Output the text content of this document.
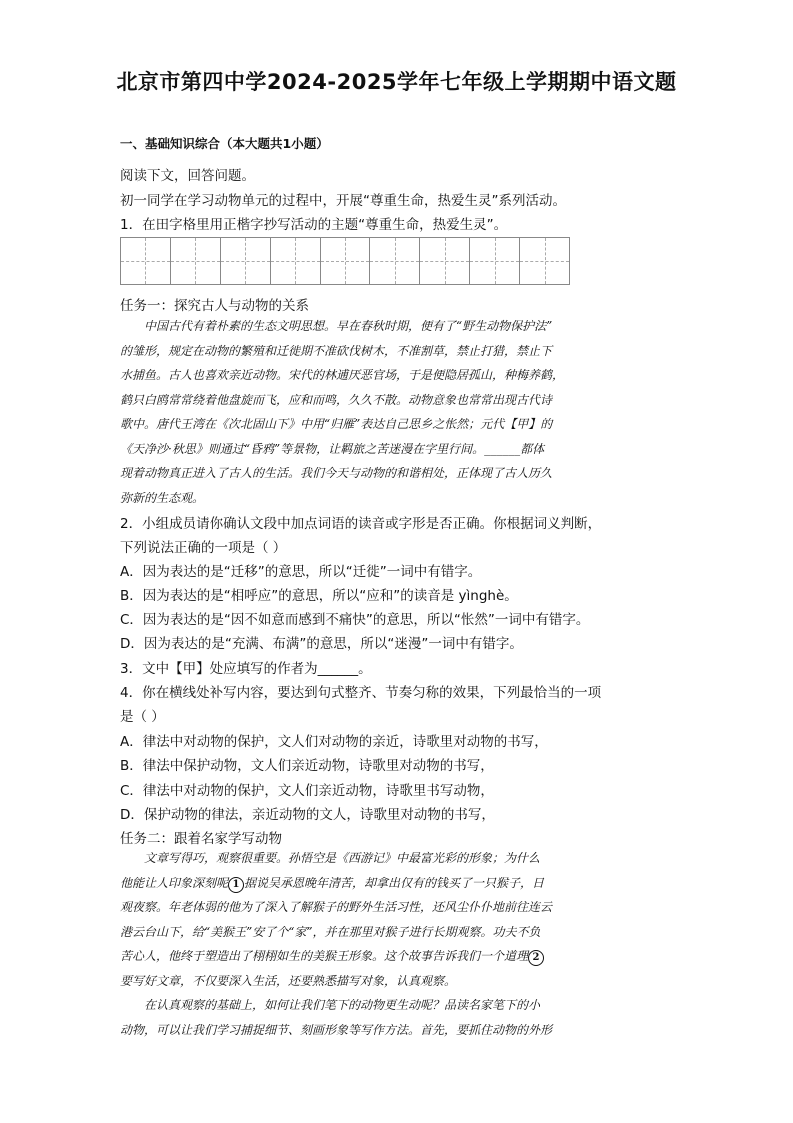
北京市第四中学2024-2025学年七年级上学期期中语文题
一、基础知识综合（本大题共1小题）
阅读下文，回答问题。
初一同学在学习动物单元的过程中，开展“尊重生命，热爱生灵”系列活动。
1．在田字格里用正楷字抄写活动的主题“尊重生命，热爱生灵”。
任务一：探究古人与动物的关系

中国古代有着朴素的生态文明思想。早在春秋时期，便有了“野生动物保护法”

的雏形，规定在动物的繁殖和迁徙期不准砍伐树木，不准割草，禁止打猎，禁止下

水捕鱼。古人也喜欢亲近动物。宋代的林逋厌恶官场，于是便隐居孤山，种梅养鹤，

鹤只白鸥常常绕着他盘旋而飞，应和而鸣，久久不散。动物意象也常常出现古代诗

歌中。唐代王湾在《次北固山下》中用“归雁”表达自己思乡之怅然；元代【甲】的

《天净沙·秋思》则通过“昏鸦”等景物，让羁旅之苦迷漫在字里行间。______都体

现着动物真正进入了古人的生活。我们今天与动物的和谐相处，正体现了古人历久

弥新的生态观。

2．小组成员请你确认文段中加点词语的读音或字形是否正确。你根据词义判断，
下列说法正确的一项是（ ）
A．因为表达的是“迁移”的意思，所以“迁徙”一词中有错字。
B．因为表达的是“相呼应”的意思，所以“应和”的读音是 yìnghè。
C．因为表达的是“因不如意而感到不痛快”的意思，所以“怅然”一词中有错字。
D．因为表达的是“充满、布满”的意思，所以“迷漫”一词中有错字。
3．文中【甲】处应填写的作者为______。
4．你在横线处补写内容，要达到句式整齐、节奏匀称的效果，下列最恰当的一项
是（ ）
A．律法中对动物的保护，文人们对动物的亲近，诗歌里对动物的书写，
B．律法中保护动物，文人们亲近动物，诗歌里对动物的书写，
C．律法中对动物的保护，文人们亲近动物，诗歌里书写动物，
D．保护动物的律法，亲近动物的文人，诗歌里对动物的书写，
任务二：跟着名家学写动物

文章写得巧，观察很重要。孙悟空是《西游记》中最富光彩的形象；为什么

他能让人印象深刻呢 1 据说吴承恩晚年清苦，却拿出仅有的钱买了一只猴子，日

观夜察。年老体弱的他为了深入了解猴子的野外生活习性，还风尘仆仆地前往连云

港云台山下，给“美猴王”安了个“家”，并在那里对猴子进行长期观察。功夫不负

苦心人，他终于塑造出了栩栩如生的美猴王形象。这个故事告诉我们一个道理 2

要写好文章，不仅要深入生活，还要熟悉描写对象，认真观察。

在认真观察的基础上，如何让我们笔下的动物更生动呢？品读名家笔下的小

动物，可以让我们学习捕捉细节、刻画形象等写作方法。首先，要抓住动物的外形
